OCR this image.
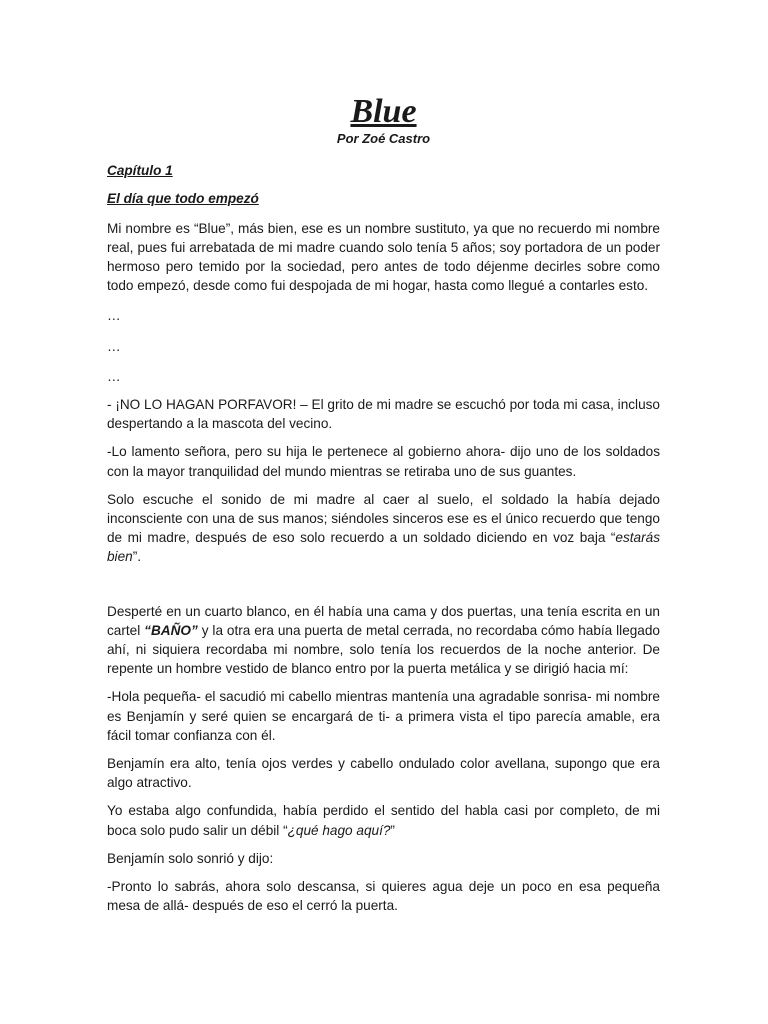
Blue
Por Zoé Castro
Capítulo 1
El día que todo empezó

Mi nombre es “Blue”, más bien, ese es un nombre sustituto, ya que no recuerdo mi nombre real, pues fui arrebatada de mi madre cuando solo tenía 5 años; soy portadora de un poder hermoso pero temido por la sociedad, pero antes de todo déjenme decirles sobre como todo empezó, desde como fui despojada de mi hogar, hasta como llegué a contarles esto.

…
…
…

- ¡NO LO HAGAN PORFAVOR! – El grito de mi madre se escuchó por toda mi casa, incluso despertando a la mascota del vecino.

-Lo lamento señora, pero su hija le pertenece al gobierno ahora- dijo uno de los soldados con la mayor tranquilidad del mundo mientras se retiraba uno de sus guantes.

Solo escuche el sonido de mi madre al caer al suelo, el soldado la había dejado inconsciente con una de sus manos; siéndoles sinceros ese es el único recuerdo que tengo de mi madre, después de eso solo recuerdo a un soldado diciendo en voz baja “estarás bien”.

Desperté en un cuarto blanco, en él había una cama y dos puertas, una tenía escrita en un cartel “BAÑO” y la otra era una puerta de metal cerrada, no recordaba cómo había llegado ahí, ni siquiera recordaba mi nombre, solo tenía los recuerdos de la noche anterior. De repente un hombre vestido de blanco entro por la puerta metálica y se dirigió hacia mí:

-Hola pequeña- el sacudió mi cabello mientras mantenía una agradable sonrisa- mi nombre es Benjamín y seré quien se encargará de ti- a primera vista el tipo parecía amable, era fácil tomar confianza con él.

Benjamín era alto, tenía ojos verdes y cabello ondulado color avellana, supongo que era algo atractivo.

Yo estaba algo confundida, había perdido el sentido del habla casi por completo, de mi boca solo pudo salir un débil “¿qué hago aquí?”

Benjamín solo sonrió y dijo:

-Pronto lo sabrás, ahora solo descansa, si quieres agua deje un poco en esa pequeña mesa de allá- después de eso el cerró la puerta.
